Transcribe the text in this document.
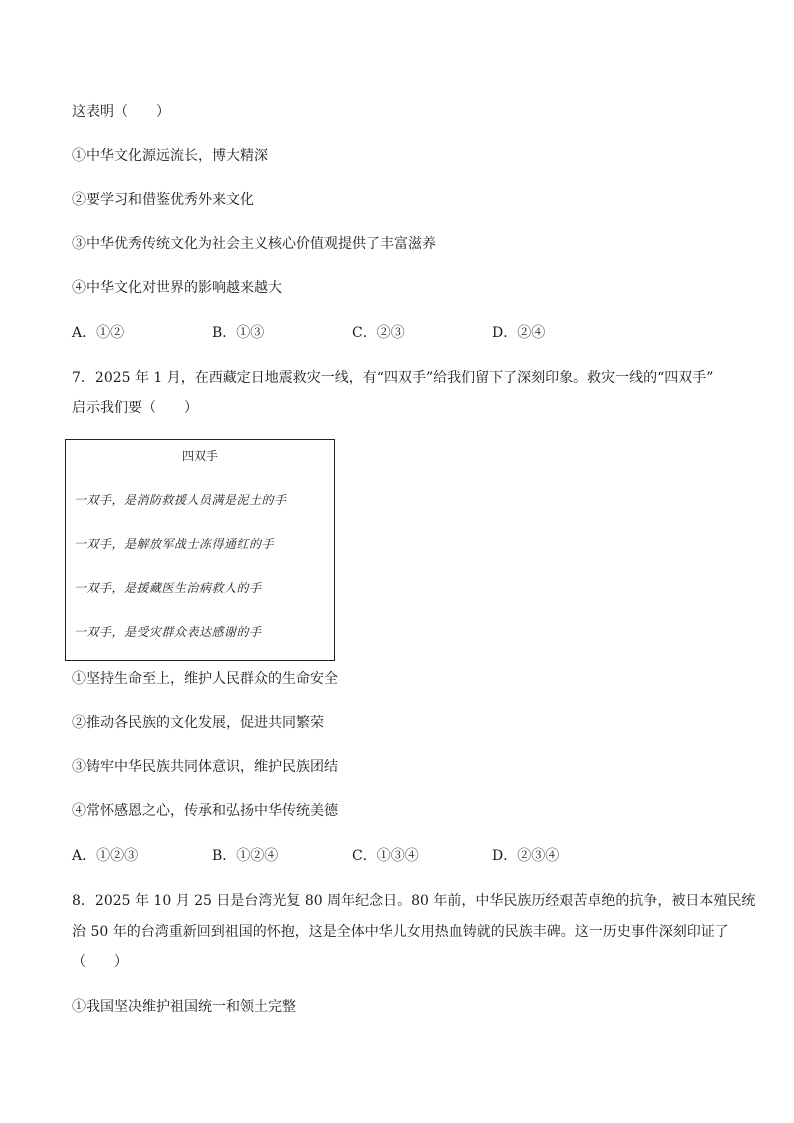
这表明（　　）
①中华文化源远流长，博大精深
②要学习和借鉴优秀外来文化
③中华优秀传统文化为社会主义核心价值观提供了丰富滋养
④中华文化对世界的影响越来越大
A．①②	B．①③	C．②③	D．②④
7．2025 年 1 月，在西藏定日地震救灾一线，有“四双手”给我们留下了深刻印象。救灾一线的“四双手”
启示我们要（　　）
四双手
一双手，是消防救援人员满是泥土的手
一双手，是解放军战士冻得通红的手
一双手，是援藏医生治病救人的手
一双手，是受灾群众表达感谢的手
①坚持生命至上，维护人民群众的生命安全
②推动各民族的文化发展，促进共同繁荣
③铸牢中华民族共同体意识，维护民族团结
④常怀感恩之心，传承和弘扬中华传统美德
A．①②③	B．①②④	C．①③④	D．②③④
8．2025 年 10 月 25 日是台湾光复 80 周年纪念日。80 年前，中华民族历经艰苦卓绝的抗争，被日本殖民统
治 50 年的台湾重新回到祖国的怀抱，这是全体中华儿女用热血铸就的民族丰碑。这一历史事件深刻印证了
（　　）
①我国坚决维护祖国统一和领土完整
